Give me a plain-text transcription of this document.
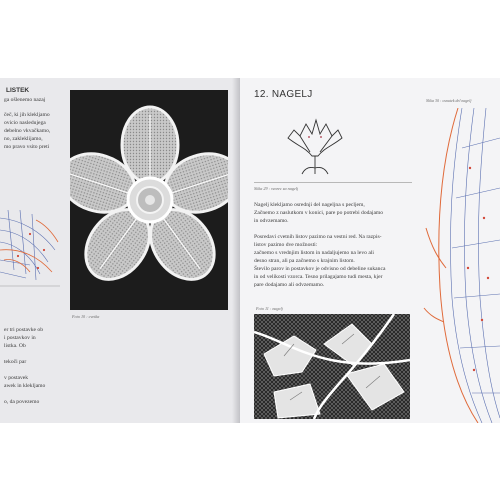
LISTEK
ga ošlenemo nazaj
čeč, ki jih klekljamo
ovicio nasledujega
debelno vkvačkamo,
no, zakleklijamo,
mo pravo vsito preti
er tri postavke ob
i postavkov in
listka. Ob
tekoči par
v postavek
awek in klekljamo
o, da povezemo
Foto 10 : cvetka
12. NAGELJ
Slika 29 : vzorec za nagelj
Slika 30 : osnutek del nagelj
Nagelj klekljamo osrednji del nageljna s pecljem,
Začnemo z naslutkom v konici, pare po potrebi dodajamo
in odvzemamo.
Posredavi cvetnih listov pazimo na vestni red. Na razpis-
listov pazimo dve možnosti:
začnemo s vrednjim listom in nadaljujemo na levo ali
desno stran, ali pa začnemo s krajnim listom.
Število parov in postavkov je odvisno od debeline sukanca
in od velikosti vzorca. Tesno prilagajamo tudi mesta, kjer
pare dodajamo ali odvzemamo.
Foto 11 : nagelj
